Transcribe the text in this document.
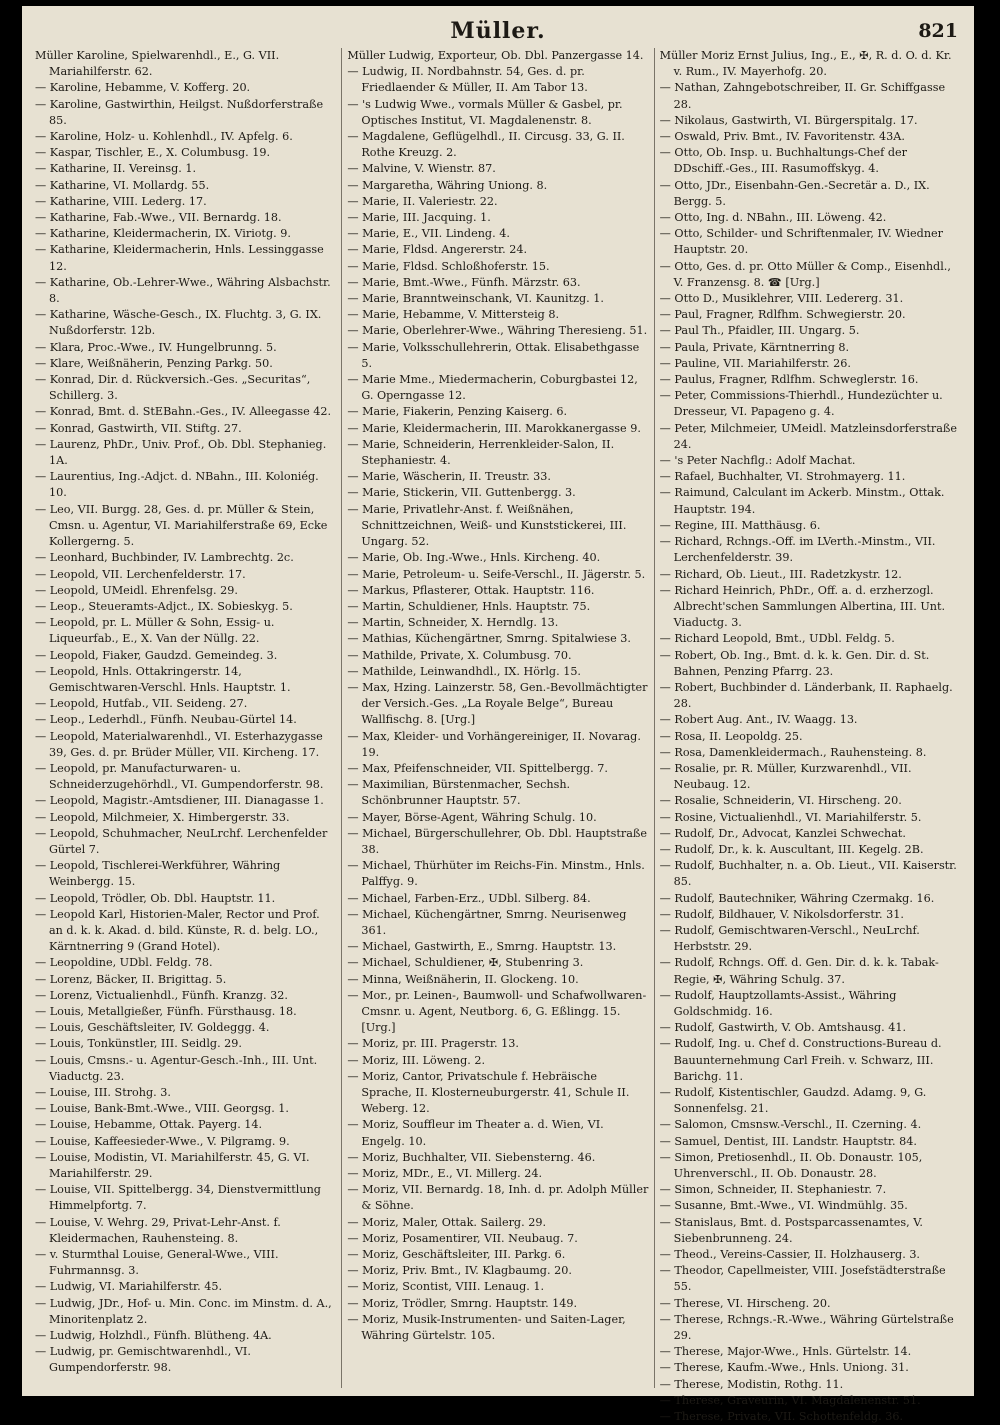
Müller.	821
Müller Karoline, Spielwarenhdl., E., G. VII. Mariahilferstr. 62.
— Karoline, Hebamme, V. Kofferg. 20.
— Karoline, Gastwirthin, Heilgst. Nußdorferstraße 85.
— Karoline, Holz- u. Kohlenhdl., IV. Apfelg. 6.
— Kaspar, Tischler, E., X. Columbusg. 19.
— Katharine, II. Vereinsg. 1.
— Katharine, VI. Mollardg. 55.
— Katharine, VIII. Lederg. 17.
— Katharine, Fab.-Wwe., VII. Bernardg. 18.
— Katharine, Kleidermacherin, IX. Viriotg. 9.
— Katharine, Kleidermacherin, Hnls. Lessinggasse 12.
— Katharine, Ob.-Lehrer-Wwe., Währing Alsbachstr. 8.
— Katharine, Wäsche-Gesch., IX. Fluchtg. 3, G. IX. Nußdorferstr. 12b.
— Klara, Proc.-Wwe., IV. Hungelbrunng. 5.
— Klare, Weißnäherin, Penzing Parkg. 50.
— Konrad, Dir. d. Rückversich.-Ges. „Securitas“, Schillerg. 3.
— Konrad, Bmt. d. StEBahn.-Ges., IV. Alleegasse 42.
— Konrad, Gastwirth, VII. Stiftg. 27.
— Laurenz, PhDr., Univ. Prof., Ob. Dbl. Stephanieg. 1A.
— Laurentius, Ing.-Adjct. d. NBahn., III. Koloniég. 10.
— Leo, VII. Burgg. 28, Ges. d. pr. Müller & Stein, Cmsn. u. Agentur, VI. Mariahilferstraße 69, Ecke Kollergerng. 5.
— Leonhard, Buchbinder, IV. Lambrechtg. 2c.
— Leopold, VII. Lerchenfelderstr. 17.
— Leopold, UMeidl. Ehrenfelsg. 29.
— Leop., Steueramts-Adjct., IX. Sobieskyg. 5.
— Leopold, pr. L. Müller & Sohn, Essig- u. Liqueurfab., E., X. Van der Nüllg. 22.
— Leopold, Fiaker, Gaudzd. Gemeindeg. 3.
— Leopold, Hnls. Ottakringerstr. 14, Gemischtwaren-Verschl. Hnls. Hauptstr. 1.
— Leopold, Hutfab., VII. Seideng. 27.
— Leop., Lederhdl., Fünfh. Neubau-Gürtel 14.
— Leopold, Materialwarenhdl., VI. Esterhazygasse 39, Ges. d. pr. Brüder Müller, VII. Kircheng. 17.
— Leopold, pr. Manufacturwaren- u. Schneiderzugehörhdl., VI. Gumpendorferstr. 98.
— Leopold, Magistr.-Amtsdiener, III. Dianagasse 1.
— Leopold, Milchmeier, X. Himbergerstr. 33.
— Leopold, Schuhmacher, NeuLrchf. Lerchenfelder Gürtel 7.
— Leopold, Tischlerei-Werkführer, Währing Weinbergg. 15.
— Leopold, Trödler, Ob. Dbl. Hauptstr. 11.
— Leopold Karl, Historien-Maler, Rector und Prof. an d. k. k. Akad. d. bild. Künste, R. d. belg. LO., Kärntnerring 9 (Grand Hotel).
— Leopoldine, UDbl. Feldg. 78.
— Lorenz, Bäcker, II. Brigittag. 5.
— Lorenz, Victualienhdl., Fünfh. Kranzg. 32.
— Louis, Metallgießer, Fünfh. Fürsthausg. 18.
— Louis, Geschäftsleiter, IV. Goldeggg. 4.
— Louis, Tonkünstler, III. Seidlg. 29.
— Louis, Cmsns.- u. Agentur-Gesch.-Inh., III. Unt. Viaductg. 23.
— Louise, III. Strohg. 3.
— Louise, Bank-Bmt.-Wwe., VIII. Georgsg. 1.
— Louise, Hebamme, Ottak. Payerg. 14.
— Louise, Kaffeesieder-Wwe., V. Pilgramg. 9.
— Louise, Modistin, VI. Mariahilferstr. 45, G. VI. Mariahilferstr. 29.
— Louise, VII. Spittelbergg. 34, Dienstvermittlung Himmelpfortg. 7.
— Louise, V. Wehrg. 29, Privat-Lehr-Anst. f. Kleidermachen, Rauhensteing. 8.
— v. Sturmthal Louise, General-Wwe., VIII. Fuhrmannsg. 3.
— Ludwig, VI. Mariahilferstr. 45.
— Ludwig, JDr., Hof- u. Min. Conc. im Minstm. d. A., Minoritenplatz 2.
— Ludwig, Holzhdl., Fünfh. Blütheng. 4A.
— Ludwig, pr. Gemischtwarenhdl., VI. Gumpendorferstr. 98.
Müller Ludwig, Exporteur, Ob. Dbl. Panzergasse 14.
— Ludwig, II. Nordbahnstr. 54, Ges. d. pr. Friedlaender & Müller, II. Am Tabor 13.
— 's Ludwig Wwe., vormals Müller & Gasbel, pr. Optisches Institut, VI. Magdalenenstr. 8.
— Magdalene, Geflügelhdl., II. Circusg. 33, G. II. Rothe Kreuzg. 2.
— Malvine, V. Wienstr. 87.
— Margaretha, Währing Uniong. 8.
— Marie, II. Valeriestr. 22.
— Marie, III. Jacquing. 1.
— Marie, E., VII. Lindeng. 4.
— Marie, Fldsd. Angererstr. 24.
— Marie, Fldsd. Schloßhoferstr. 15.
— Marie, Bmt.-Wwe., Fünfh. Märzstr. 63.
— Marie, Branntweinschank, VI. Kaunitzg. 1.
— Marie, Hebamme, V. Mittersteig 8.
— Marie, Oberlehrer-Wwe., Währing Theresieng. 51.
— Marie, Volksschullehrerin, Ottak. Elisabethgasse 5.
— Marie Mme., Miedermacherin, Coburgbastei 12, G. Operngasse 12.
— Marie, Fiakerin, Penzing Kaiserg. 6.
— Marie, Kleidermacherin, III. Marokkanergasse 9.
— Marie, Schneiderin, Herrenkleider-Salon, II. Stephaniestr. 4.
— Marie, Wäscherin, II. Treustr. 33.
— Marie, Stickerin, VII. Guttenbergg. 3.
— Marie, Privatlehr-Anst. f. Weißnähen, Schnittzeichnen, Weiß- und Kunststickerei, III. Ungarg. 52.
— Marie, Ob. Ing.-Wwe., Hnls. Kircheng. 40.
— Marie, Petroleum- u. Seife-Verschl., II. Jägerstr. 5.
— Markus, Pflasterer, Ottak. Hauptstr. 116.
— Martin, Schuldiener, Hnls. Hauptstr. 75.
— Martin, Schneider, X. Herndlg. 13.
— Mathias, Küchengärtner, Smrng. Spitalwiese 3.
— Mathilde, Private, X. Columbusg. 70.
— Mathilde, Leinwandhdl., IX. Hörlg. 15.
— Max, Hzing. Lainzerstr. 58, Gen.-Bevollmächtigter der Versich.-Ges. „La Royale Belge“, Bureau Wallfischg. 8. [Urg.]
— Max, Kleider- und Vorhängereiniger, II. Novarag. 19.
— Max, Pfeifenschneider, VII. Spittelbergg. 7.
— Maximilian, Bürstenmacher, Sechsh. Schönbrunner Hauptstr. 57.
— Mayer, Börse-Agent, Währing Schulg. 10.
— Michael, Bürgerschullehrer, Ob. Dbl. Hauptstraße 38.
— Michael, Thürhüter im Reichs-Fin. Minstm., Hnls. Palffyg. 9.
— Michael, Farben-Erz., UDbl. Silberg. 84.
— Michael, Küchengärtner, Smrng. Neurisenweg 361.
— Michael, Gastwirth, E., Smrng. Hauptstr. 13.
— Michael, Schuldiener, ✠, Stubenring 3.
— Minna, Weißnäherin, II. Glockeng. 10.
— Mor., pr. Leinen-, Baumwoll- und Schafwollwaren-Cmsnr. u. Agent, Neutborg. 6, G. Eßlingg. 15. [Urg.]
— Moriz, pr. III. Pragerstr. 13.
— Moriz, III. Löweng. 2.
— Moriz, Cantor, Privatschule f. Hebräische Sprache, II. Klosterneuburgerstr. 41, Schule II. Weberg. 12.
— Moriz, Souffleur im Theater a. d. Wien, VI. Engelg. 10.
— Moriz, Buchhalter, VII. Siebensterng. 46.
— Moriz, MDr., E., VI. Millerg. 24.
— Moriz, VII. Bernardg. 18, Inh. d. pr. Adolph Müller & Söhne.
— Moriz, Maler, Ottak. Sailerg. 29.
— Moriz, Posamentirer, VII. Neubaug. 7.
— Moriz, Geschäftsleiter, III. Parkg. 6.
— Moriz, Priv. Bmt., IV. Klagbaumg. 20.
— Moriz, Scontist, VIII. Lenaug. 1.
— Moriz, Trödler, Smrng. Hauptstr. 149.
— Moriz, Musik-Instrumenten- und Saiten-Lager, Währing Gürtelstr. 105.
Müller Moriz Ernst Julius, Ing., E., ✠, R. d. O. d. Kr. v. Rum., IV. Mayerhofg. 20.
— Nathan, Zahngebotschreiber, II. Gr. Schiffgasse 28.
— Nikolaus, Gastwirth, VI. Bürgerspitalg. 17.
— Oswald, Priv. Bmt., IV. Favoritenstr. 43A.
— Otto, Ob. Insp. u. Buchhaltungs-Chef der DDschiff.-Ges., III. Rasumoffskyg. 4.
— Otto, JDr., Eisenbahn-Gen.-Secretär a. D., IX. Bergg. 5.
— Otto, Ing. d. NBahn., III. Löweng. 42.
— Otto, Schilder- und Schriftenmaler, IV. Wiedner Hauptstr. 20.
— Otto, Ges. d. pr. Otto Müller & Comp., Eisenhdl., V. Franzensg. 8. ☎ [Urg.]
— Otto D., Musiklehrer, VIII. Ledererg. 31.
— Paul, Fragner, Rdlfhm. Schwegierstr. 20.
— Paul Th., Pfaidler, III. Ungarg. 5.
— Paula, Private, Kärntnerring 8.
— Pauline, VII. Mariahilferstr. 26.
— Paulus, Fragner, Rdlfhm. Schweglerstr. 16.
— Peter, Commissions-Thierhdl., Hundezüchter u. Dresseur, VI. Papageno g. 4.
— Peter, Milchmeier, UMeidl. Matzleinsdorferstraße 24.
— 's Peter Nachflg.: Adolf Machat.
— Rafael, Buchhalter, VI. Strohmayerg. 11.
— Raimund, Calculant im Ackerb. Minstm., Ottak. Hauptstr. 194.
— Regine, III. Matthäusg. 6.
— Richard, Rchngs.-Off. im LVerth.-Minstm., VII. Lerchenfelderstr. 39.
— Richard, Ob. Lieut., III. Radetzkystr. 12.
— Richard Heinrich, PhDr., Off. a. d. erzherzogl. Albrecht'schen Sammlungen Albertina, III. Unt. Viaductg. 3.
— Richard Leopold, Bmt., UDbl. Feldg. 5.
— Robert, Ob. Ing., Bmt. d. k. k. Gen. Dir. d. St. Bahnen, Penzing Pfarrg. 23.
— Robert, Buchbinder d. Länderbank, II. Raphaelg. 28.
— Robert Aug. Ant., IV. Waagg. 13.
— Rosa, II. Leopoldg. 25.
— Rosa, Damenkleidermach., Rauhensteing. 8.
— Rosalie, pr. R. Müller, Kurzwarenhdl., VII. Neubaug. 12.
— Rosalie, Schneiderin, VI. Hirscheng. 20.
— Rosine, Victualienhdl., VI. Mariahilferstr. 5.
— Rudolf, Dr., Advocat, Kanzlei Schwechat.
— Rudolf, Dr., k. k. Auscultant, III. Kegelg. 2B.
— Rudolf, Buchhalter, n. a. Ob. Lieut., VII. Kaiserstr. 85.
— Rudolf, Bautechniker, Währing Czermakg. 16.
— Rudolf, Bildhauer, V. Nikolsdorferstr. 31.
— Rudolf, Gemischtwaren-Verschl., NeuLrchf. Herbststr. 29.
— Rudolf, Rchngs. Off. d. Gen. Dir. d. k. k. Tabak-Regie, ✠, Währing Schulg. 37.
— Rudolf, Hauptzollamts-Assist., Währing Goldschmidg. 16.
— Rudolf, Gastwirth, V. Ob. Amtshausg. 41.
— Rudolf, Ing. u. Chef d. Constructions-Bureau d. Bauunternehmung Carl Freih. v. Schwarz, III. Barichg. 11.
— Rudolf, Kistentischler, Gaudzd. Adamg. 9, G. Sonnenfelsg. 21.
— Salomon, Cmsnsw.-Verschl., II. Czerning. 4.
— Samuel, Dentist, III. Landstr. Hauptstr. 84.
— Simon, Pretiosenhdl., II. Ob. Donaustr. 105, Uhrenverschl., II. Ob. Donaustr. 28.
— Simon, Schneider, II. Stephaniestr. 7.
— Susanne, Bmt.-Wwe., VI. Windmühlg. 35.
— Stanislaus, Bmt. d. Postsparcassenamtes, V. Siebenbrunneng. 24.
— Theod., Vereins-Cassier, II. Holzhauserg. 3.
— Theodor, Capellmeister, VIII. Josefstädterstraße 55.
— Therese, VI. Hirscheng. 20.
— Therese, Rchngs.-R.-Wwe., Währing Gürtelstraße 29.
— Therese, Major-Wwe., Hnls. Gürtelstr. 14.
— Therese, Kaufm.-Wwe., Hnls. Uniong. 31.
— Therese, Modistin, Rothg. 11.
— Therese, Graveurin, VI. Magdalenenstr. 51.
— Therese, Private, VII. Schottenfeldg. 36.
